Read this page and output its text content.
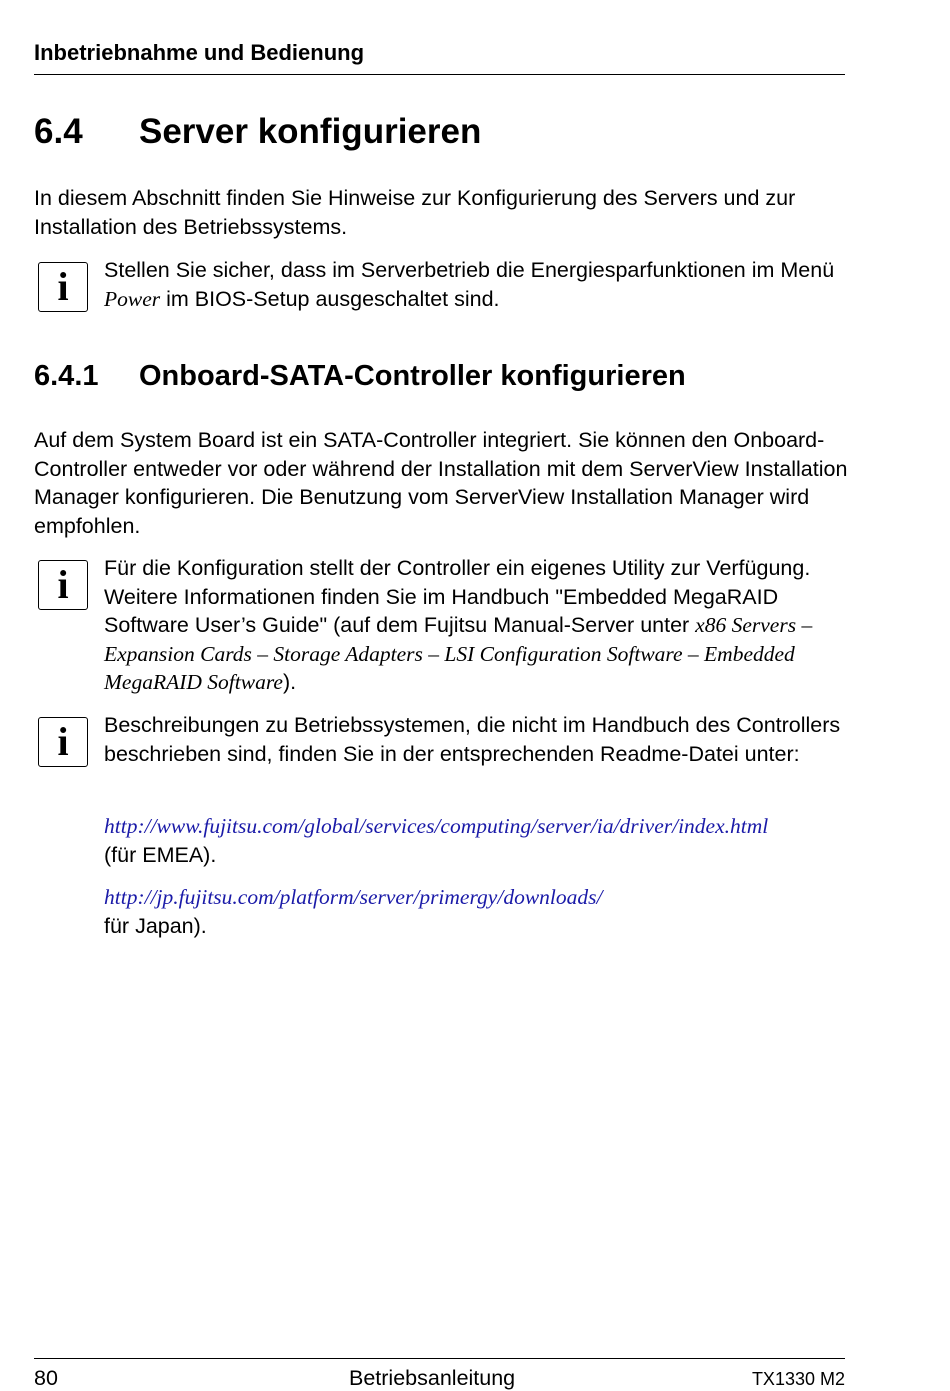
Inbetriebnahme und Bedienung
6.4 Server konfigurieren

In diesem Abschnitt finden Sie Hinweise zur Konfigurierung des Servers und zur Installation des Betriebssystems.

i	Stellen Sie sicher, dass im Serverbetrieb die Energiesparfunktionen im Menü Power im BIOS-Setup ausgeschaltet sind.

6.4.1 Onboard-SATA-Controller konfigurieren

Auf dem System Board ist ein SATA-Controller integriert. Sie können den Onboard-Controller entweder vor oder während der Installation mit dem ServerView Installation Manager konfigurieren. Die Benutzung vom ServerView Installation Manager wird empfohlen.

i	Für die Konfiguration stellt der Controller ein eigenes Utility zur Verfügung. Weitere Informationen finden Sie im Handbuch "Embedded MegaRAID Software User’s Guide" (auf dem Fujitsu Manual-Server unter x86 Servers – Expansion Cards – Storage Adapters – LSI Configuration Software – Embedded MegaRAID Software).

i	Beschreibungen zu Betriebssystemen, die nicht im Handbuch des Controllers beschrieben sind, finden Sie in der entsprechenden Readme-Datei unter:

http://www.fujitsu.com/global/services/computing/server/ia/driver/index.html
(für EMEA).

http://jp.fujitsu.com/platform/server/primergy/downloads/
für Japan).

80	Betriebsanleitung	TX1330 M2
